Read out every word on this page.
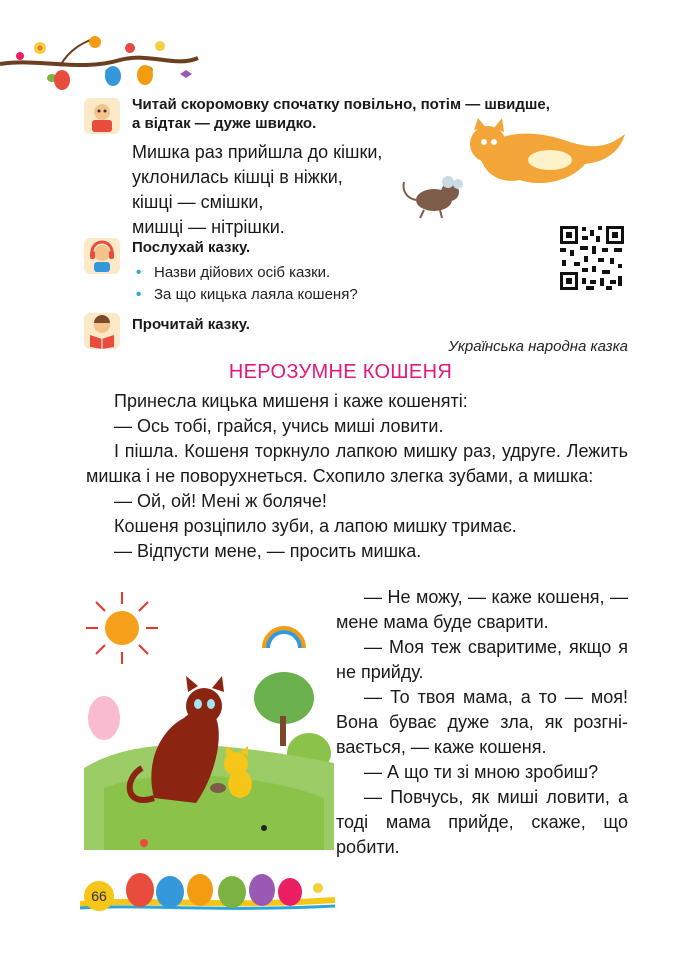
Читай скоромовку спочатку повільно, потім — швидше,
а відтак — дуже швидко.
Мишка раз прийшла до кішки,
уклонилась кішці в ніжки,
кішці — смішки,
мишці — нітрішки.
Послухай казку.
• Назви дійових осіб казки.
• За що кицька лаяла кошеня?
Прочитай казку.
Українська народна казка
НЕРОЗУМНЕ КОШЕНЯ

Принесла кицька мишеня і каже кошеняті:

— Ось тобі, грайся, учись миші ловити.

І пішла. Кошеня торкнуло лапкою мишку раз, удруге. Лежить мишка і не поворухнеться. Схопило злегка зубами, а мишка:

— Ой, ой! Мені ж боляче!

Кошеня розціпило зуби, а лапою мишку тримає.

— Відпусти мене, — просить мишка.

— Не можу, — каже кошеня, — мене мама буде сварити.

— Моя теж сваритиме, якщо я не прийду.

— То твоя мама, а то — моя! Вона буває дуже зла, як розгнівається, — каже кошеня.

— А що ти зі мною зробиш?

— Повчусь, як миші ловити, а тоді мама прийде, скаже, що робити.

66
